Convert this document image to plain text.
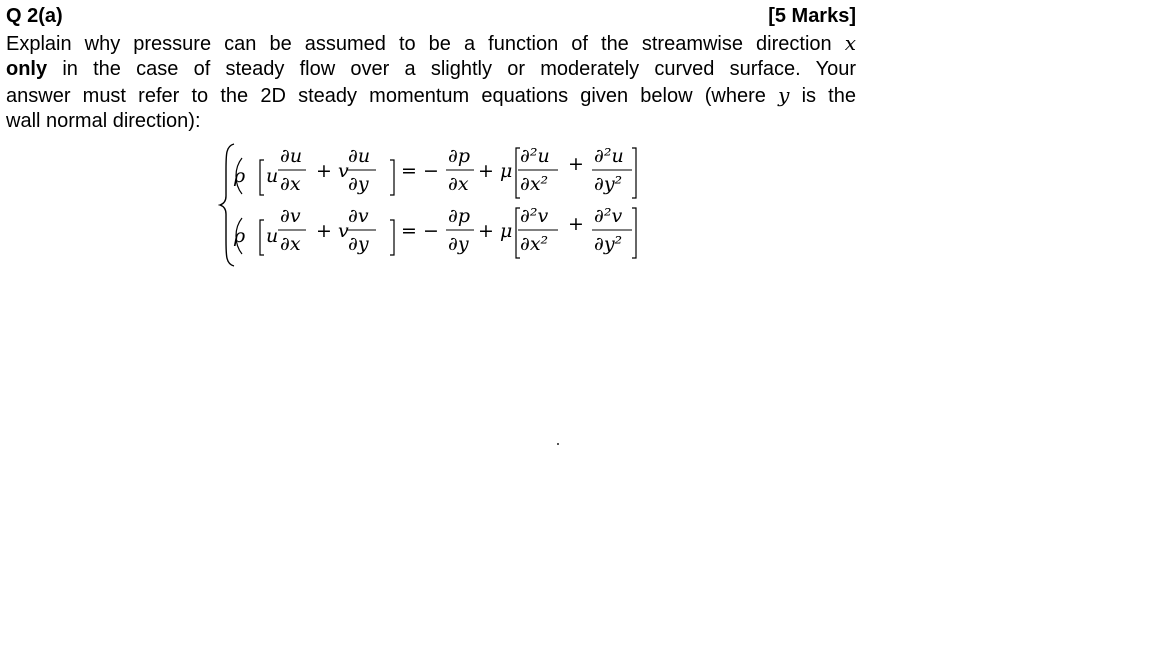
Q 2(a)	[5 Marks]
Explain why pressure can be assumed to be a function of the streamwise direction x
only in the case of steady flow over a slightly or moderately curved surface. Your
answer must refer to the 2D steady momentum equations given below (where y is the
wall normal direction):
ρ u
∂u
∂x
+ v
∂u
∂y
= −
∂p
∂x
+ μ
∂²u
∂x²
+ ∂²u
∂y²
ρ u
∂v
∂x
+ v
∂v
∂y
= −
∂p
∂y
+ μ
∂²v
∂x²
+ ∂²v
∂y²
